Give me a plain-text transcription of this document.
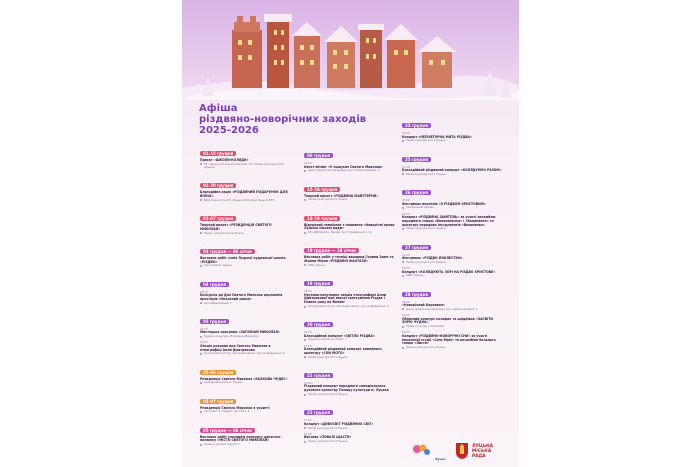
Афіша
різдвяно-новорічних заходів
2025-2026
01-15 грудня
Проєкт «ШКОЛИ-КОЛЯДИ»
КЗ «Центр культурних ініціатив», КЗ «Палац культури міста Луцька»
01-20 грудня
Благодійна акція «РІЗДВЯНИЙ ПОДАРУНОК ДЛЯ ВОЇНА»
Бібліотеки міста, КЗ «Луцька бібліотека Луцької МТГ»
03-07 грудня
Творчий проєкт «РЕЗИДЕНЦІЯ СВЯТОГО МИКОЛАЯ»
Палац культури міста Луцька
03 грудня — 06 січня
Виставка робіт учнів Луцької художньої школи «РІЗДВО»
Арт-галерея «Луцьк»
04 грудня
15:00
Екскурсія до Дня Святого Миколая церемонія просторів «Окольний замок»
вул. Кафедральна, 5
05 грудня
14:00
Мистецька програма «ЗАПІЗНАЙ МИКОЛАЯ»
Будинок культури «Волинянка Веретено»
16:00
Лекція розмова про Святого Миколая в етнографіці Алли Дмитрикова
Культурний простір «Окольний замок», вул. Кафедральна, 5
05-06 грудня
Резиденція Святого Миколая «КАЗКОВА ЧУДЕС»
Культурний центр м. Луцька
05-07 грудня
Резиденція Святого Миколая в укритті
Арт-укриття «Сфера», пр-т Волі, 2
05 грудня — 06 січня
Виставка робіт учасників конкурсу дитячого малюнку «МІСТО СВЯТОГО МИКОЛАЯ»
Будинок дитячої творчості
06 грудня
12:00
Квест-мітинг «У пошуках Святого Миколая»
Центр практичної інформації, вул. Соборна Україна, 1
15-24 грудня
Творчий проєкт «РІЗДВЯНА МАЙСТЕРНЯ»
Палац культури міста Луцька
18-19 грудня
Відкритий чемпіонат з плавання «Новорічні призи Луцької міської ради»
КЗ «ДЮСШ №1», Басейн, пр-т Грушевського, 2А
19 грудня — 18 січня
Виставка робіт у техніці вишивки Галини Заюк та Жанни Мірон «РІЗДВЯНІ ФАНТАЗІЇ»
КМЦ «Луцьк»
19 грудня
15:00
Науково-популярна лекція етнографині Алли Дмитрикової про звичаї святкування Різдва і Нового року на Волині
Культурний простір «Окольний замок», вул. Кафедральна, 5
20 грудня
13:00
Благодійний концерт «СВІТЛО РІЗДВА»
Луцька музична школа №1
17:00
Благодійний різдвяний концерт камерного оркестру «CON MOTO»
Палац культури міста Луцька
21 грудня
15:00
Різдвяний концерт народного самодіяльного духового оркестру Палацу культури м. Луцька
Палац культури міста Луцька
22 грудня
17:00
Концерт «ДИВОСВІТ РІЗДВЯНИХ СВІТ»
Палац культури міста Луцька
12:00
Вистава «ПОВАЛІ ЩАСТЯ»
Палац культури міста Луцька
23 грудня
14:00
Концерт «НЕПОВТОРНА МИТЬ РІЗДВА»
Палац культури міста Луцька
25 грудня
17:00
Благодійний різдвяний концерт «КОЛЯДУЄМО РАЗОМ»
Палац культури міста Луцька
26 грудня
18:00
Фестиваль вертепів «З РІЗДВОМ ХРИСТОВИМ»
Театральний майдан
15:00
Концерт «РІЗДВЯНА ЗАМЕТІЛЬ» за участі ансамблю народного танцю «Волиняночка» і «Волинянка» та оркестру народних інструментів «Волинянка»
Палац культури міста Луцька
27 грудня
12:00
Фестиваль «РІЗДВО ПОКЛЕСТКИ»
Палац культури міста Луцька
15:00
Концерт «КОЛЯДУЮТЬ ЗОРІ НА РІЗДВО ХРИСТОВЕ»
КМЦ «Луцьк»
28 грудня
13:00
«Новорічний Карнавал»
Центр практичної інформації, вул. Соборна Україна, 2
16:00
Обласний конкурс колядок та щедрівок «ЗАСВІТИ ЗОРЮ ЧУДНА»
Палац культури з. Катакомб
18:00
Концерт «РІЗДВЯНО-НОВОРІЧНІ СНИ» за участі вокальної студії «Сонс Мрія» та ансамблю бального танцю «Листя»
Палац культури міста Луцька
Луцьк
ЛУЦЬКА
МІСЬКА
РАДА
